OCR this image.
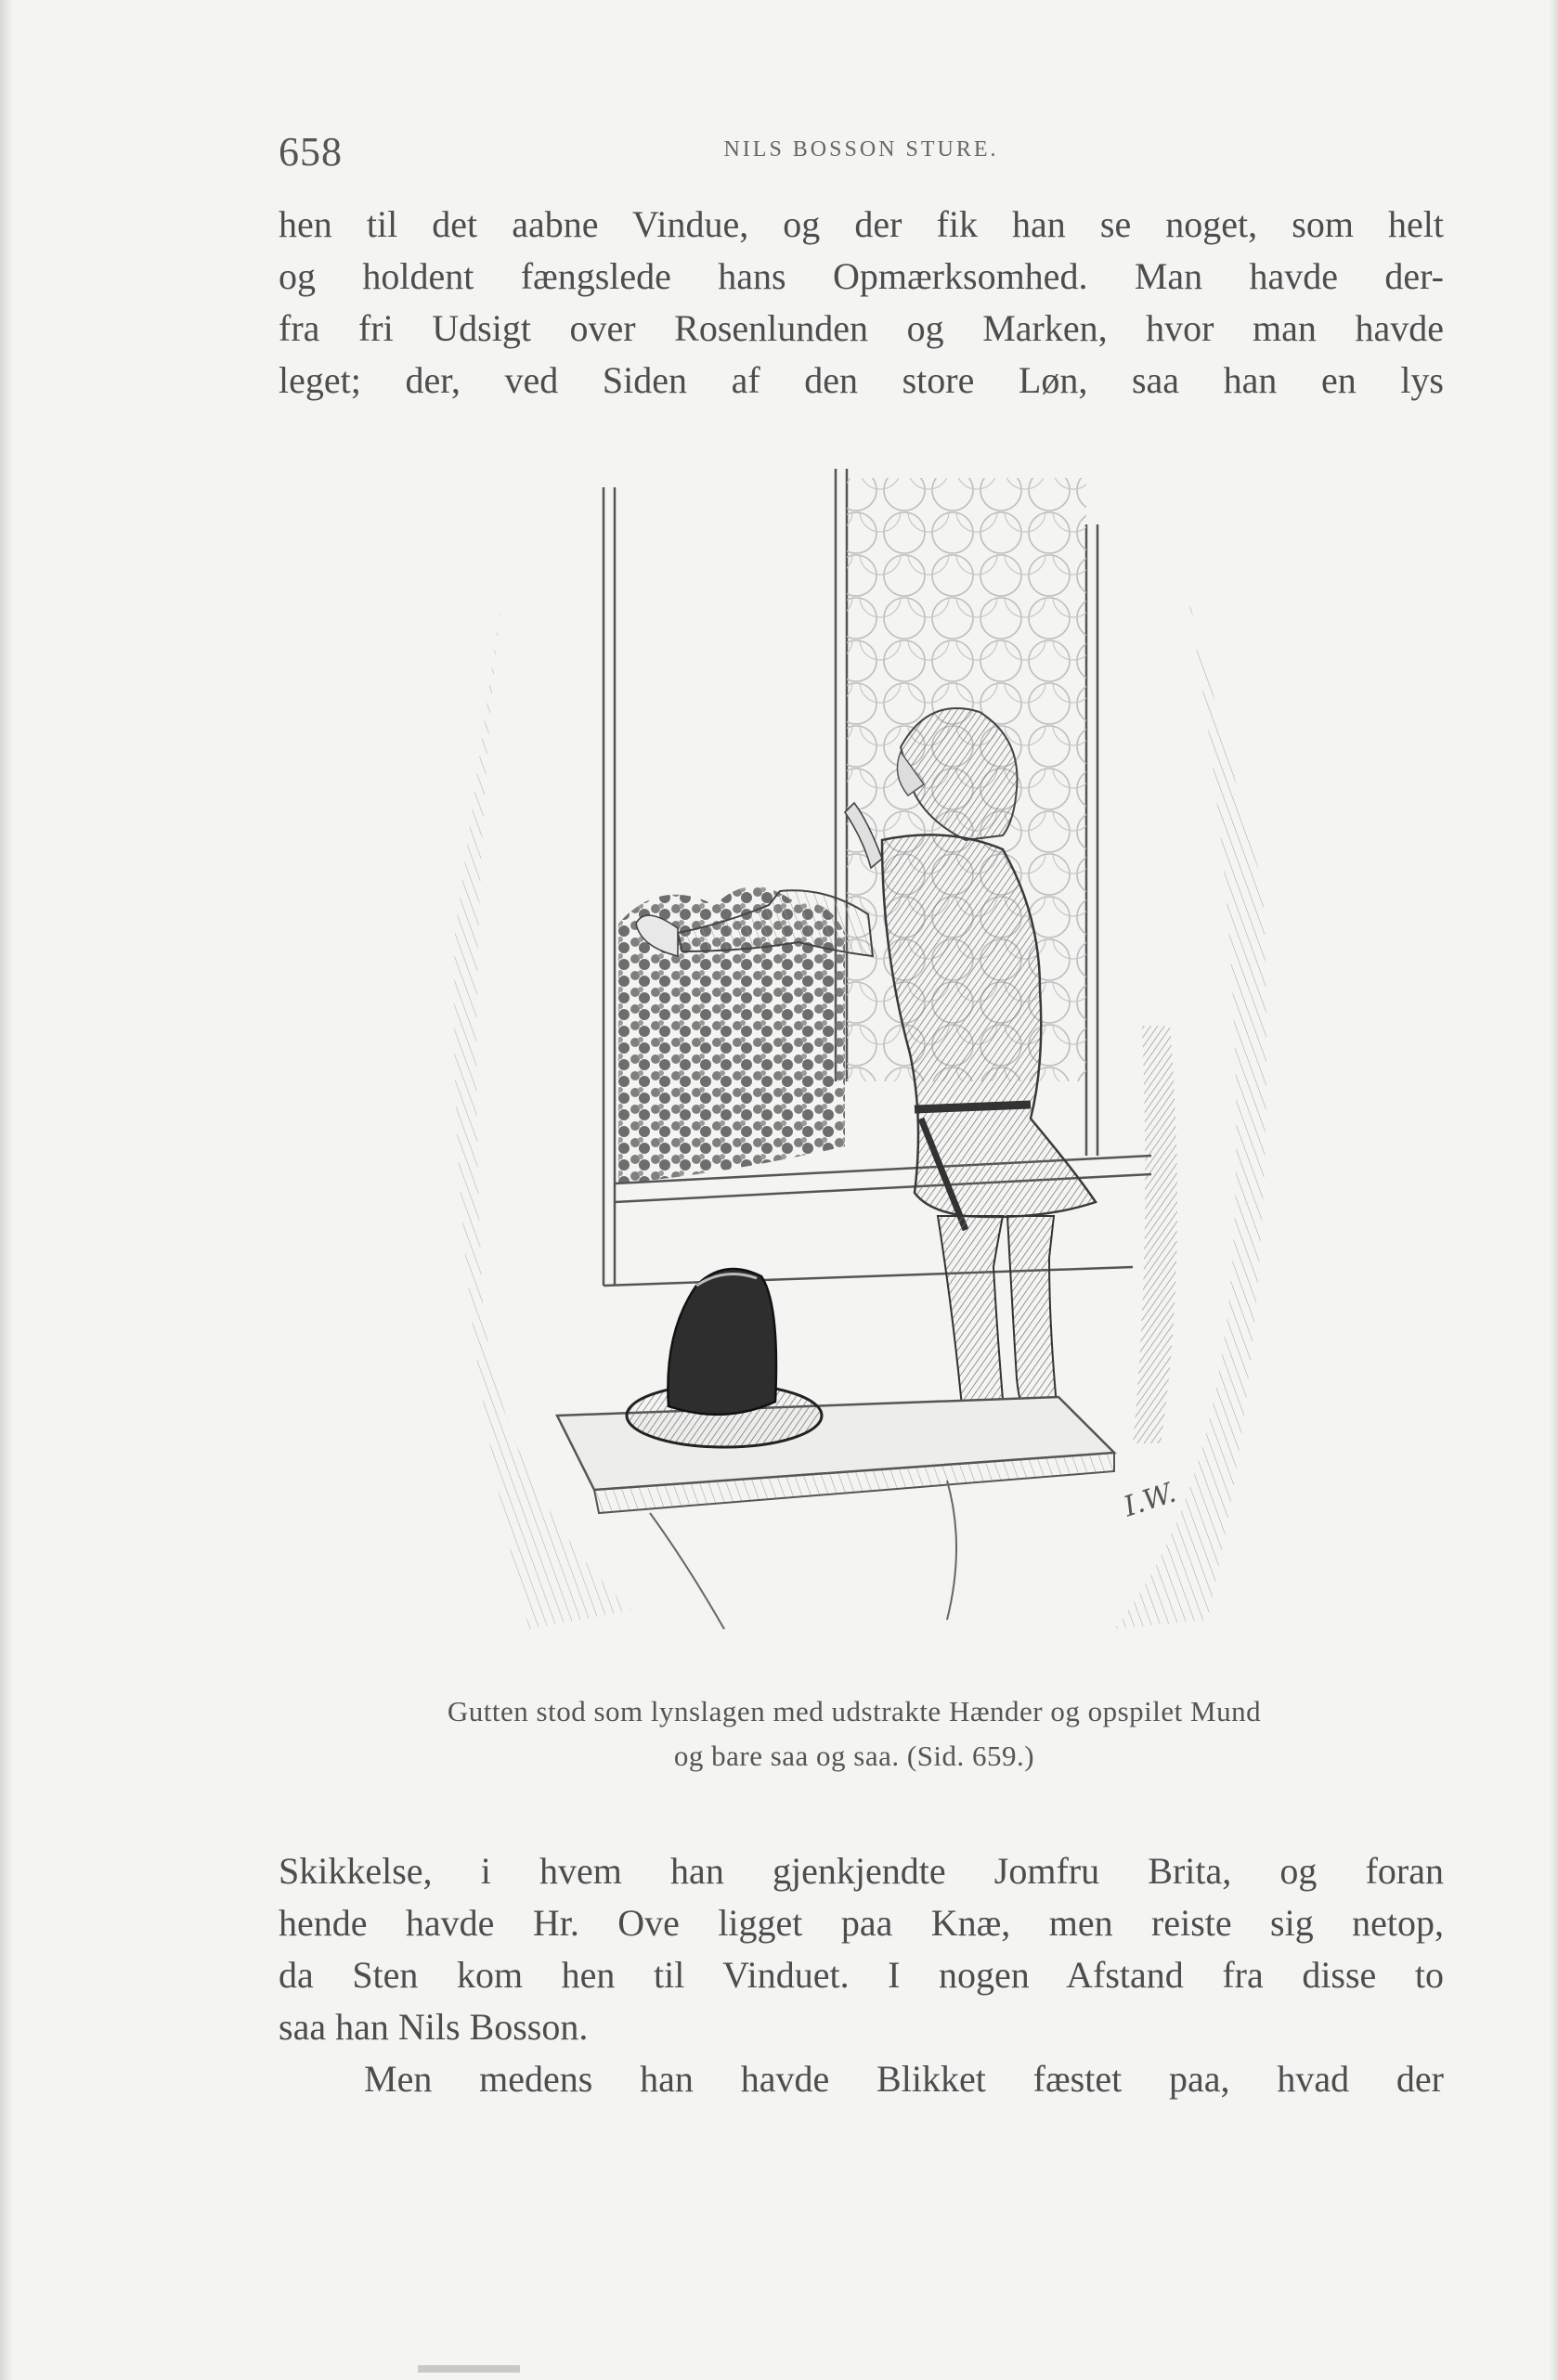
658	NILS BOSSON STURE.
hen til det aabne Vindue, og der fik han se noget, som helt
og holdent fængslede hans Opmærksomhed. Man havde der-
fra fri Udsigt over Rosenlunden og Marken, hvor man havde
leget; der, ved Siden af den store Løn, saa han en lys
I.W.
Gutten stod som lynslagen med udstrakte Hænder og opspilet Mund
og bare saa og saa. (Sid. 659.)
Skikkelse, i hvem han gjenkjendte Jomfru Brita, og foran
hende havde Hr. Ove ligget paa Knæ, men reiste sig netop,
da Sten kom hen til Vinduet. I nogen Afstand fra disse to
saa han Nils Bosson.
Men medens han havde Blikket fæstet paa, hvad der
